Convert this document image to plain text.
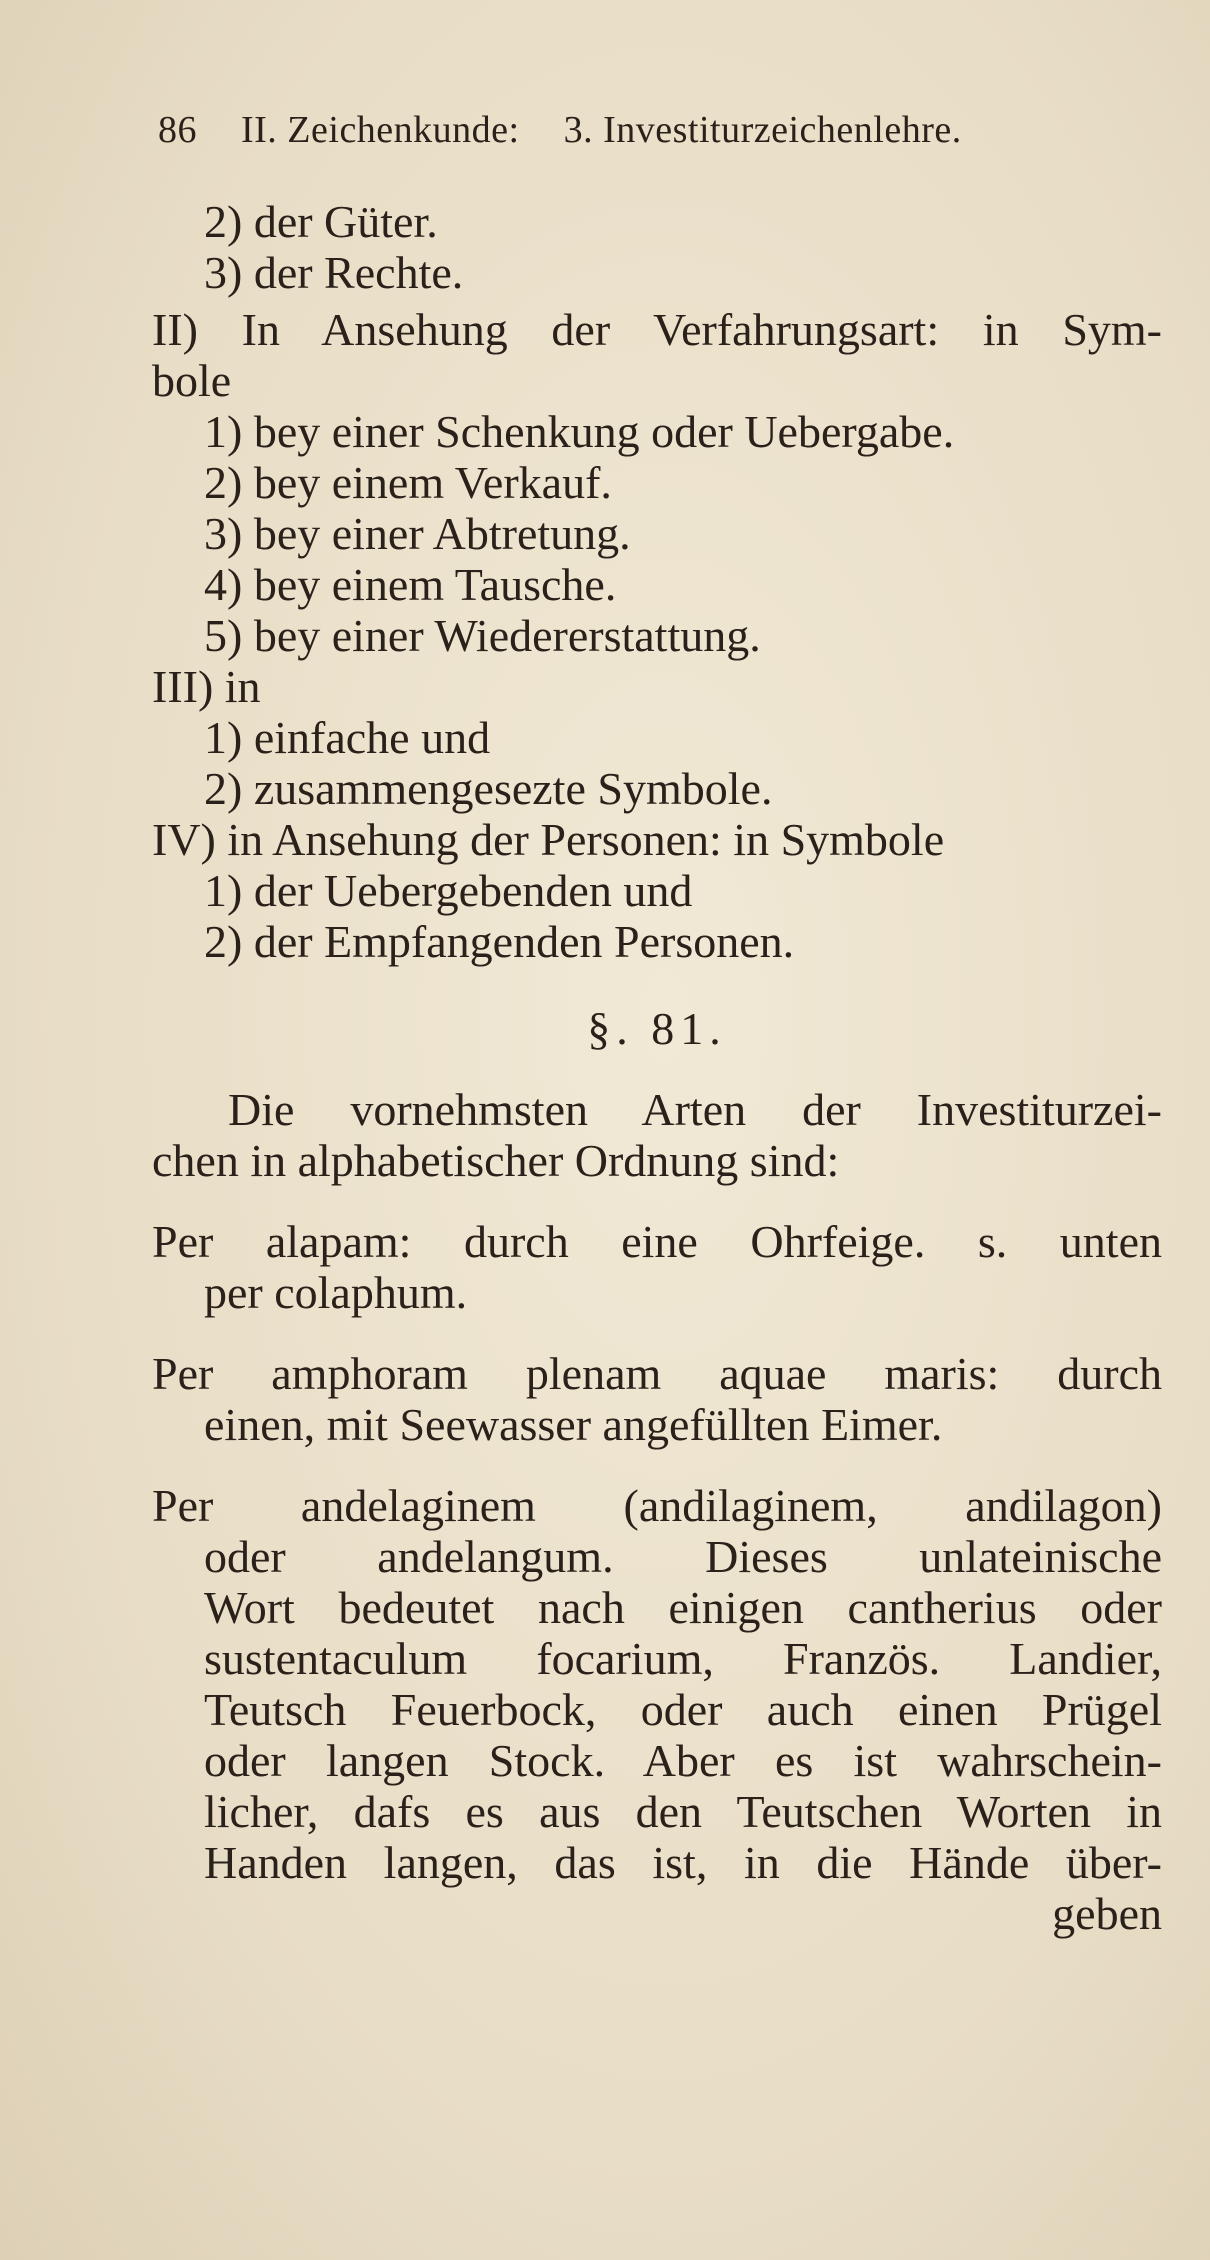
86 II. Zeichenkunde: 3. Investiturzeichenlehre.
2) der Güter.
3) der Rechte.
II) In Ansehung der Verfahrungsart: in Sym-
bole
1) bey einer Schenkung oder Uebergabe.
2) bey einem Verkauf.
3) bey einer Abtretung.
4) bey einem Tausche.
5) bey einer Wiedererstattung.
III) in
1) einfache und
2) zusammengesezte Symbole.
IV) in Ansehung der Personen: in Symbole
1) der Uebergebenden und
2) der Empfangenden Personen.
§. 81.
Die vornehmsten Arten der Investiturzei-
chen in alphabetischer Ordnung sind:
Per alapam: durch eine Ohrfeige. s. unten
per colaphum.
Per amphoram plenam aquae maris: durch
einen, mit Seewasser angefüllten Eimer.
Per andelaginem (andilaginem, andilagon)
oder andelangum. Dieses unlateinische
Wort bedeutet nach einigen cantherius oder
sustentaculum focarium, Französ. Landier,
Teutsch Feuerbock, oder auch einen Prügel
oder langen Stock. Aber es ist wahrschein-
licher, dafs es aus den Teutschen Worten in
Handen langen, das ist, in die Hände über-
geben
